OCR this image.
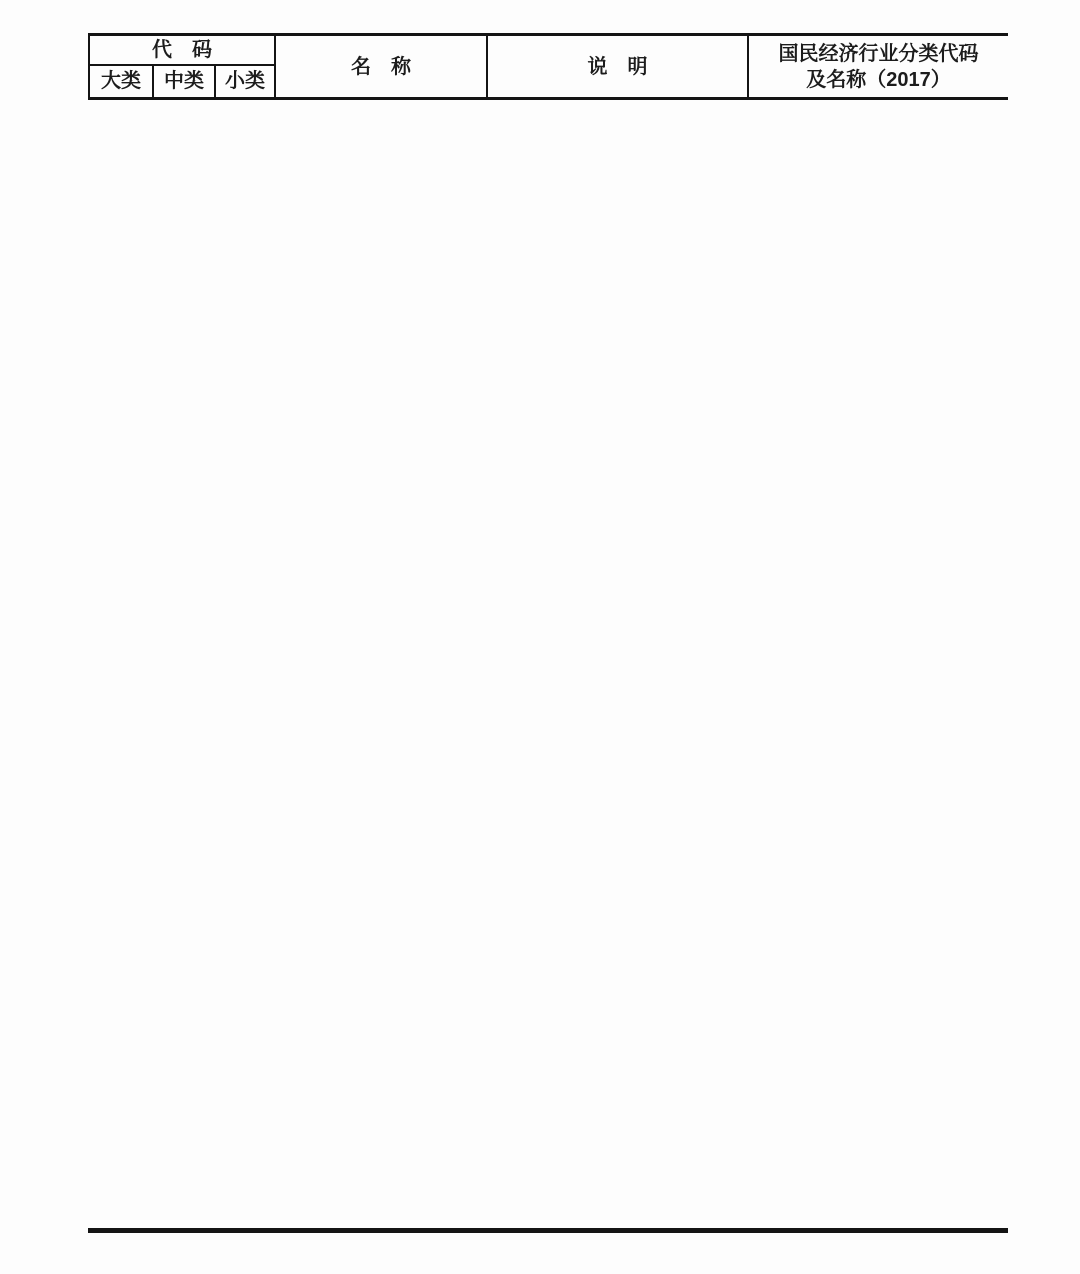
代　码			名　称	说　明	国民经济行业分类代码
及名称（2017）

大类	中类	小类			
